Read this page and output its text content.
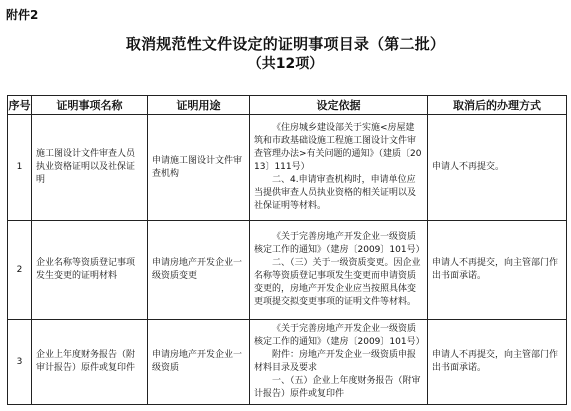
附件2
取消规范性文件设定的证明事项目录（第二批）
（共12项）
序号	证明事项名称	证明用途	设定依据	取消后的办理方式
1	施工图设计文件审查人员执业资格证明以及社保证明	申请施工图设计文件审查机构	《住房城乡建设部关于实施<房屋建筑和市政基础设施工程施工图设计文件审查管理办法>有关问题的通知》（建质〔2013〕111号）
二、4.申请审查机构时，申请单位应当提供审查人员执业资格的相关证明以及社保证明等材料。	申请人不再提交。
2	企业名称等资质登记事项发生变更的证明材料	申请房地产开发企业一级资质变更	《关于完善房地产开发企业一级资质核定工作的通知》（建房〔2009〕101号）
二、（三）关于一级资质变更。因企业名称等资质登记事项发生变更而申请资质变更的，房地产开发企业应当按照具体变更项提交拟变更事项的证明文件等材料。	申请人不再提交，向主管部门作出书面承诺。
3	企业上年度财务报告（附审计报告）原件或复印件	申请房地产开发企业一级资质	《关于完善房地产开发企业一级资质核定工作的通知》（建房〔2009〕101号）
附件：房地产开发企业一级资质申报材料目录及要求
一、（五）企业上年度财务报告（附审计报告）原件或复印件	申请人不再提交，向主管部门作出书面承诺。
